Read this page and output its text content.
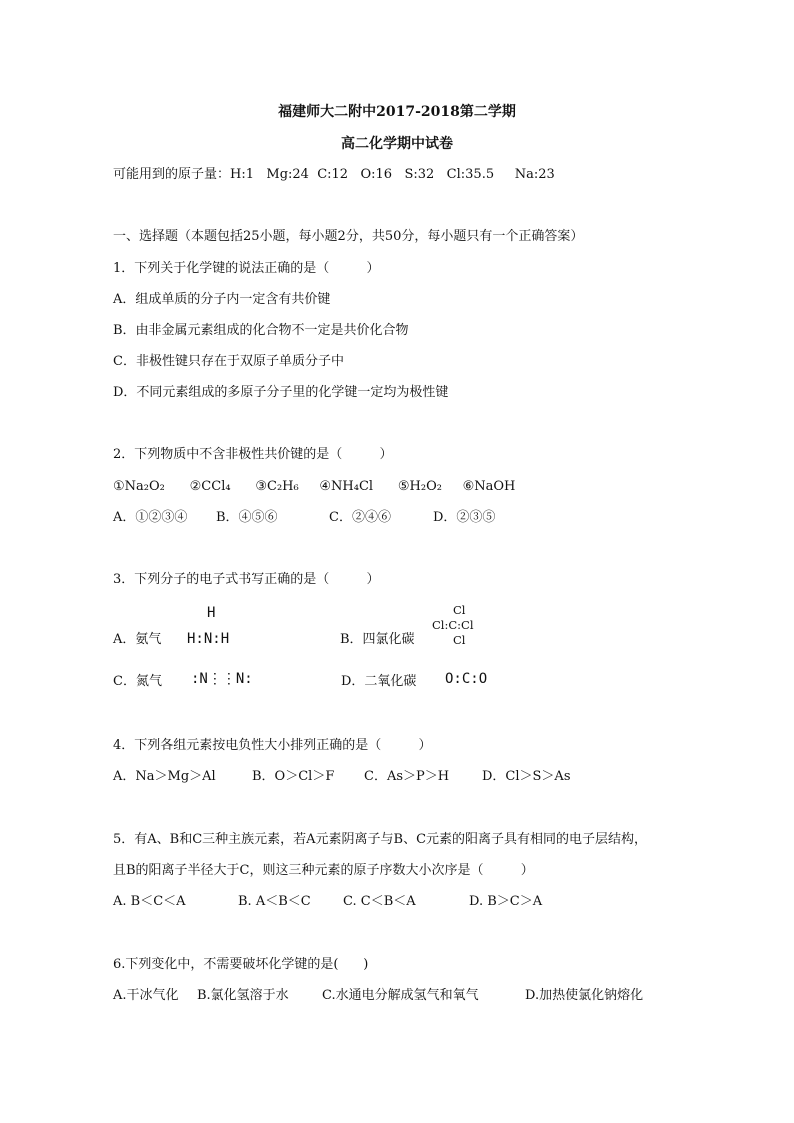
福建师大二附中2017-2018第二学期
高二化学期中试卷
可能用到的原子量：H:1   Mg:24  C:12   O:16   S:32   Cl:35.5     Na:23
一、选择题（本题包括25小题，每小题2分，共50分，每小题只有一个正确答案）
1．下列关于化学键的说法正确的是（         ）
A．组成单质的分子内一定含有共价键
B．由非金属元素组成的化合物不一定是共价化合物
C．非极性键只存在于双原子单质分子中
D．不同元素组成的多原子分子里的化学键一定均为极性键
2．下列物质中不含非极性共价键的是（         ）
①Na₂O₂      ②CCl₄      ③C₂H₆     ④NH₄Cl      ⑤H₂O₂     ⑥NaOH
A．①②③④ B．④⑤⑥	C．②④⑥	D．②③⑤
3．下列分子的电子式书写正确的是（         ）
A．氨气
H
H:N:H	B．四氯化碳
Cl
Cl:C:Cl
Cl
C．氮气 :N⋮⋮N:	D．二氧化碳 O:C:O
4．下列各组元素按电负性大小排列正确的是（         ）
A．Na＞Mg＞Al	B．O＞Cl＞F C．As＞P＞H	D．Cl＞S＞As
5．有A、B和C三种主族元素，若A元素阴离子与B、C元素的阳离子具有相同的电子层结构，
且B的阳离子半径大于C，则这三种元素的原子序数大小次序是（         ）
A. B＜C＜A	B. A＜B＜C C. C＜B＜A	D. B＞C＞A
6.下列变化中，不需要破坏化学键的是(      )
A.干冰气化 B.氯化氢溶于水	C.水通电分解成氢气和氧气	D.加热使氯化钠熔化
